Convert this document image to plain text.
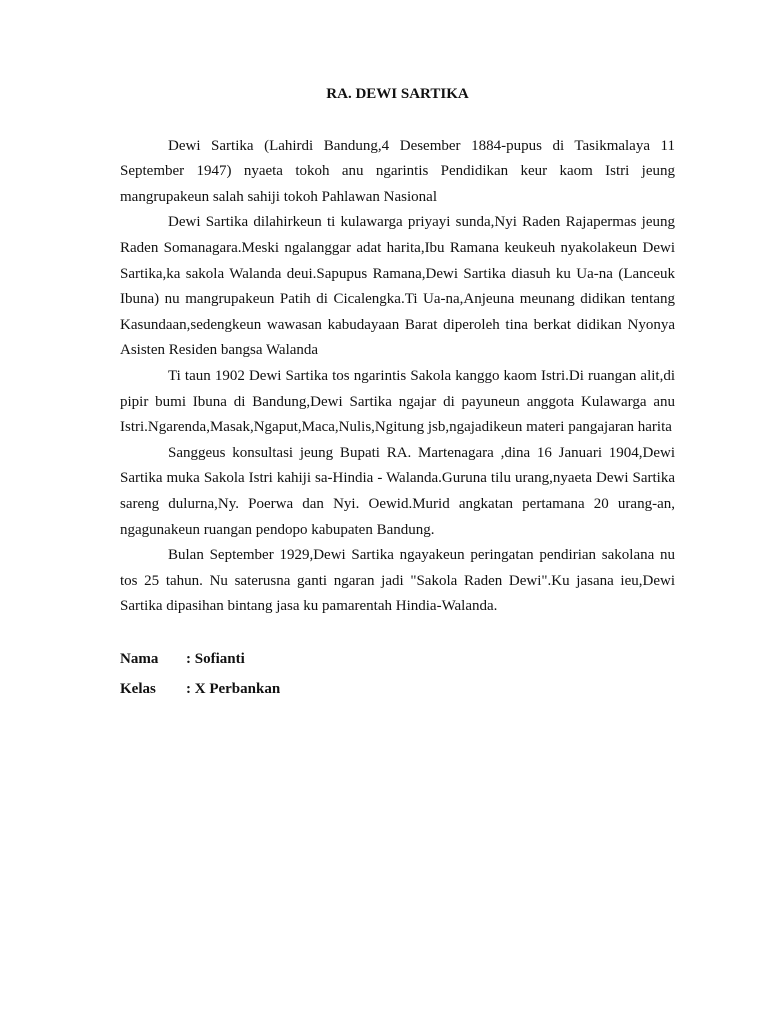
RA. DEWI SARTIKA

Dewi Sartika (Lahirdi Bandung,4 Desember 1884-pupus di Tasikmalaya 11 September 1947) nyaeta tokoh anu ngarintis Pendidikan keur kaom Istri jeung mangrupakeun salah sahiji tokoh Pahlawan Nasional

Dewi Sartika dilahirkeun ti kulawarga priyayi sunda,Nyi Raden Rajapermas jeung Raden Somanagara.Meski ngalanggar adat harita,Ibu Ramana keukeuh nyakolakeun Dewi Sartika,ka sakola Walanda deui.Sapupus Ramana,Dewi Sartika diasuh ku Ua-na (Lanceuk Ibuna) nu mangrupakeun Patih di Cicalengka.Ti Ua-na,Anjeuna meunang didikan tentang Kasundaan,sedengkeun wawasan kabudayaan Barat diperoleh tina berkat didikan Nyonya Asisten Residen bangsa Walanda

Ti taun 1902 Dewi Sartika tos ngarintis Sakola kanggo kaom Istri.Di ruangan alit,di pipir bumi Ibuna di Bandung,Dewi Sartika ngajar di payuneun anggota Kulawarga anu Istri.Ngarenda,Masak,Ngaput,Maca,Nulis,Ngitung jsb,ngajadikeun materi pangajaran harita

Sanggeus konsultasi jeung Bupati RA. Martenagara ,dina 16 Januari 1904,Dewi Sartika muka Sakola Istri kahiji sa-Hindia - Walanda.Guruna tilu urang,nyaeta Dewi Sartika sareng dulurna,Ny. Poerwa dan Nyi. Oewid.Murid angkatan pertamana 20 urang-an, ngagunakeun ruangan pendopo kabupaten Bandung.

Bulan September 1929,Dewi Sartika ngayakeun peringatan pendirian sakolana nu tos 25 tahun. Nu saterusna ganti ngaran jadi "Sakola Raden Dewi".Ku jasana ieu,Dewi Sartika dipasihan bintang jasa ku pamarentah Hindia-Walanda.

Nama	: Sofianti
Kelas	: X Perbankan
